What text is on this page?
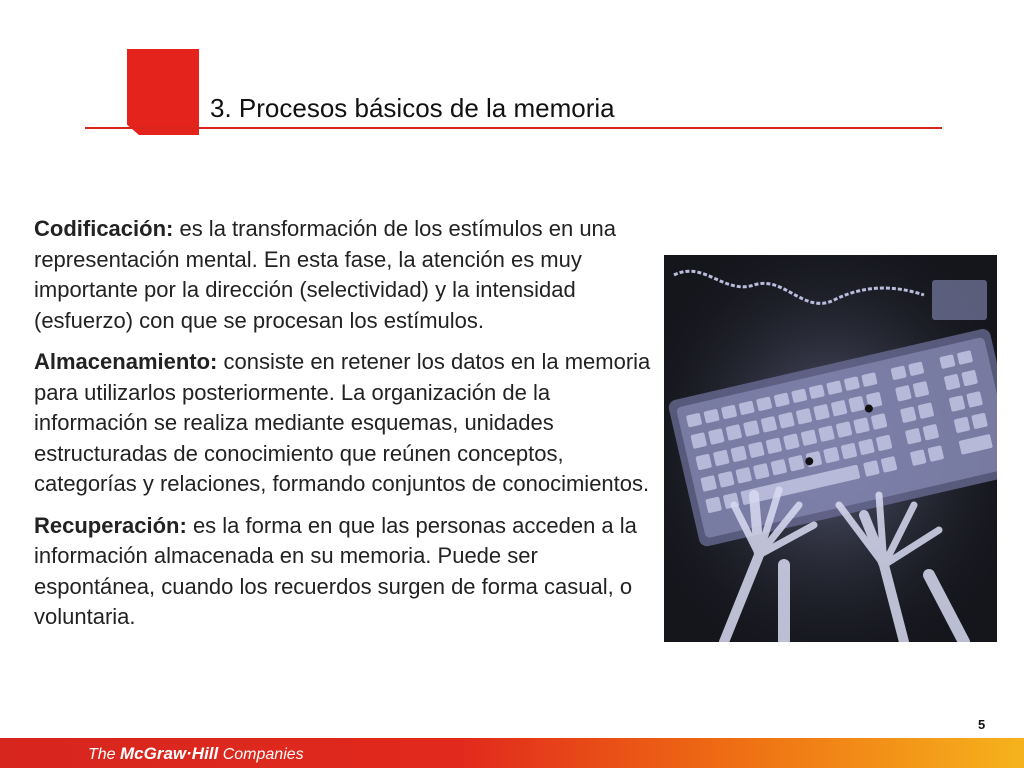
3. Procesos básicos de la memoria

Codificación: es la transformación de los estímulos en una representación mental. En esta fase, la atención es muy importante por la dirección (selectividad) y la intensidad (esfuerzo) con que se procesan los estímulos.

Almacenamiento: consiste en retener los datos en la memoria para utilizarlos posteriormente. La organización de la información se realiza mediante esquemas, unidades estructuradas de conocimiento que reúnen conceptos, categorías y relaciones, formando conjuntos de conocimientos.

Recuperación: es la forma en que las personas acceden a la información almacenada en su memoria. Puede ser espontánea, cuando los recuerdos surgen de forma casual, o voluntaria.

5
The McGraw·Hill Companies
